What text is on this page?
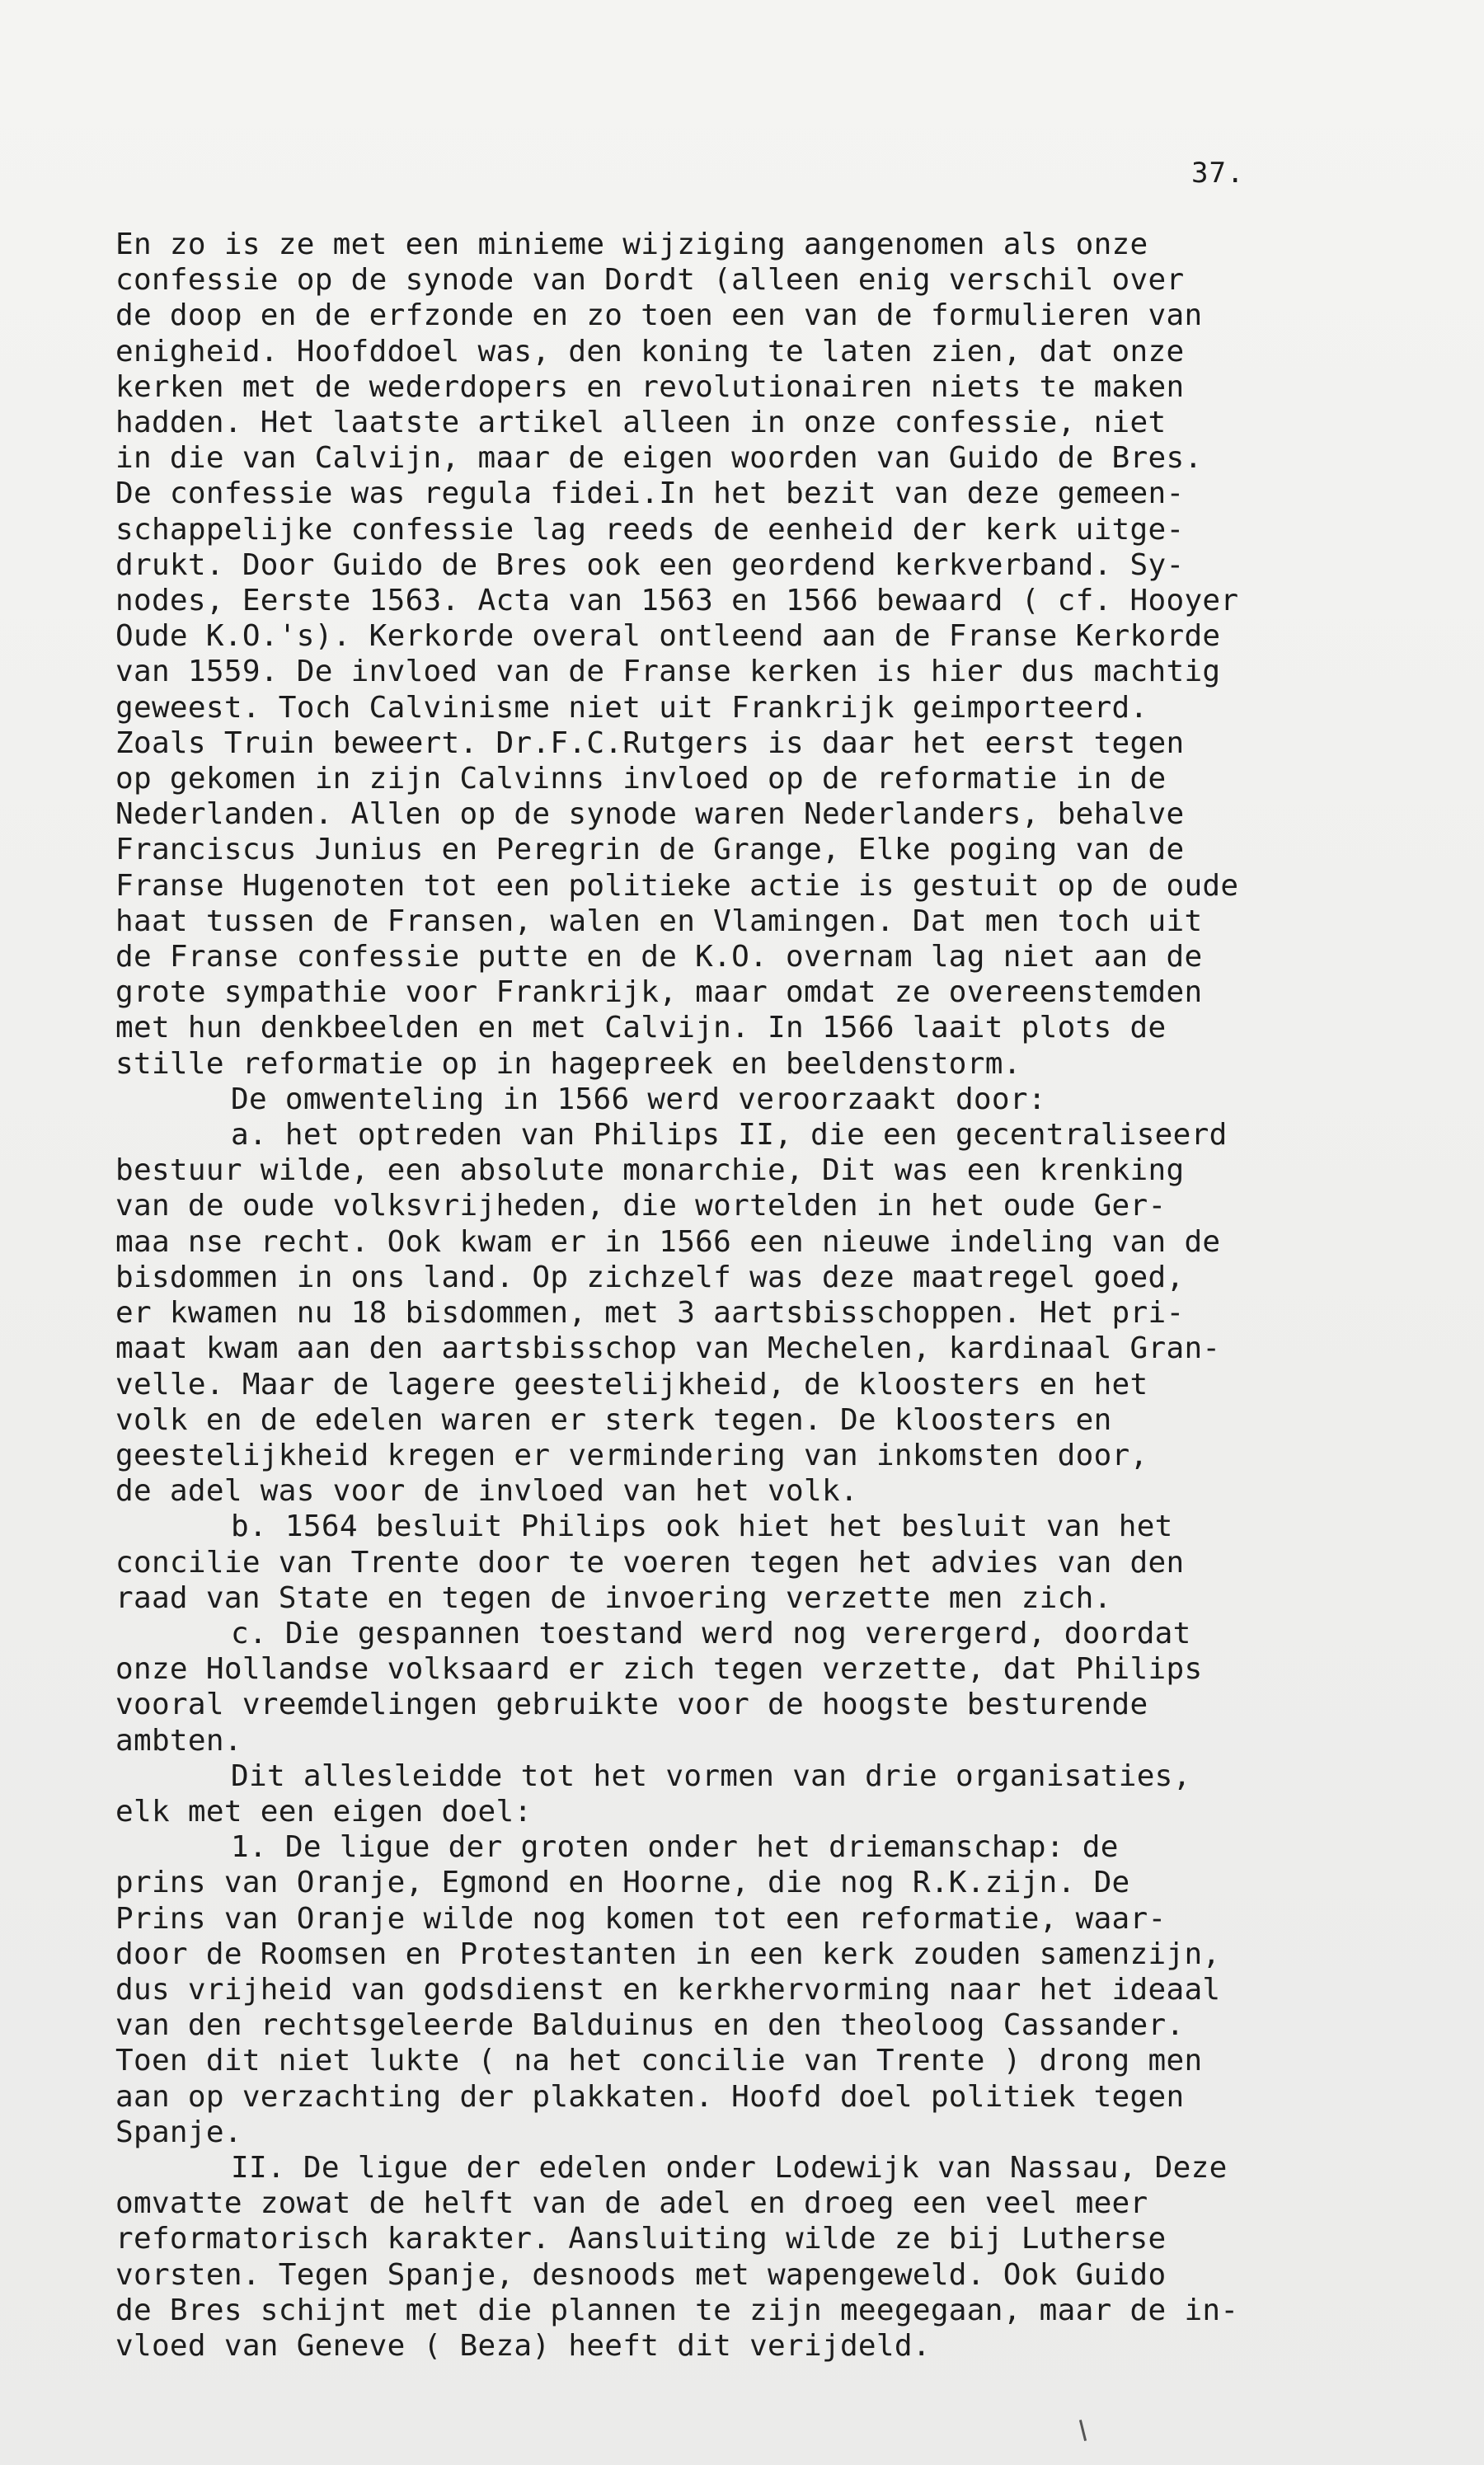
37.
En zo is ze met een minieme wijziging aangenomen als onze
confessie op de synode van Dordt (alleen enig verschil over
de doop en de erfzonde en zo toen een van de formulieren van
enigheid. Hoofddoel was, den koning te laten zien, dat onze
kerken met de wederdopers en revolutionairen niets te maken
hadden. Het laatste artikel alleen in onze confessie, niet
in die van Calvijn, maar de eigen woorden van Guido de Bres.
De confessie was regula fidei.In het bezit van deze gemeen-
schappelijke confessie lag reeds de eenheid der kerk uitge-
drukt. Door Guido de Bres ook een geordend kerkverband. Sy-
nodes, Eerste 1563. Acta van 1563 en 1566 bewaard ( cf. Hooyer
Oude K.O.'s). Kerkorde overal ontleend aan de Franse Kerkorde
van 1559. De invloed van de Franse kerken is hier dus machtig
geweest. Toch Calvinisme niet uit Frankrijk geimporteerd.
Zoals Truin beweert. Dr.F.C.Rutgers is daar het eerst tegen
op gekomen in zijn Calvinns invloed op de reformatie in de
Nederlanden. Allen op de synode waren Nederlanders, behalve
Franciscus Junius en Peregrin de Grange, Elke poging van de
Franse Hugenoten tot een politieke actie is gestuit op de oude
haat tussen de Fransen, walen en Vlamingen. Dat men toch uit
de Franse confessie putte en de K.O. overnam lag niet aan de
grote sympathie voor Frankrijk, maar omdat ze overeenstemden
met hun denkbeelden en met Calvijn. In 1566 laait plots de
stille reformatie op in hagepreek en beeldenstorm.
De omwenteling in 1566 werd veroorzaakt door:
a. het optreden van Philips II, die een gecentraliseerd
bestuur wilde, een absolute monarchie, Dit was een krenking
van de oude volksvrijheden, die wortelden in het oude Ger-
maa nse recht. Ook kwam er in 1566 een nieuwe indeling van de
bisdommen in ons land. Op zichzelf was deze maatregel goed,
er kwamen nu 18 bisdommen, met 3 aartsbisschoppen. Het pri-
maat kwam aan den aartsbisschop van Mechelen, kardinaal Gran-
velle. Maar de lagere geestelijkheid, de kloosters en het
volk en de edelen waren er sterk tegen. De kloosters en
geestelijkheid kregen er vermindering van inkomsten door,
de adel was voor de invloed van het volk.
b. 1564 besluit Philips ook hiet het besluit van het
concilie van Trente door te voeren tegen het advies van den
raad van State en tegen de invoering verzette men zich.
c. Die gespannen toestand werd nog verergerd, doordat
onze Hollandse volksaard er zich tegen verzette, dat Philips
vooral vreemdelingen gebruikte voor de hoogste besturende
ambten.
Dit allesleidde tot het vormen van drie organisaties,
elk met een eigen doel:
1. De ligue der groten onder het driemanschap: de
prins van Oranje, Egmond en Hoorne, die nog R.K.zijn. De
Prins van Oranje wilde nog komen tot een reformatie, waar-
door de Roomsen en Protestanten in een kerk zouden samenzijn,
dus vrijheid van godsdienst en kerkhervorming naar het ideaal
van den rechtsgeleerde Balduinus en den theoloog Cassander.
Toen dit niet lukte ( na het concilie van Trente ) drong men
aan op verzachting der plakkaten. Hoofd doel politiek tegen
Spanje.
II. De ligue der edelen onder Lodewijk van Nassau, Deze
omvatte zowat de helft van de adel en droeg een veel meer
reformatorisch karakter. Aansluiting wilde ze bij Lutherse
vorsten. Tegen Spanje, desnoods met wapengeweld. Ook Guido
de Bres schijnt met die plannen te zijn meegegaan, maar de in-
vloed van Geneve ( Beza) heeft dit verijdeld.
